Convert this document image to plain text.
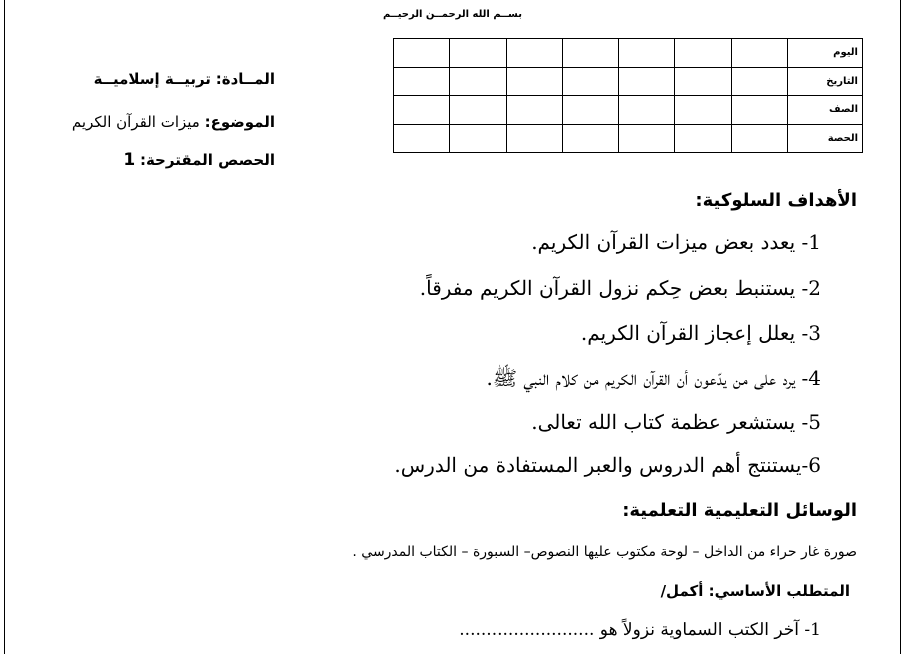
بســم الله الرحمــن الرحيــم
اليوم							
التاريخ							
الصف							
الحصة							
المــادة: تربيــة إسلاميــة
الموضوع: ميزات القرآن الكريم
الحصص المقترحة: 1
الأهداف السلوكية:
1- يعدد بعض ميزات القرآن الكريم.
2- يستنبط بعض حِكم نزول القرآن الكريم مفرقاً.
3- يعلل إعجاز القرآن الكريم.
4- يرد على من يدّعون أن القرآن الكريم من كلام النبي ﷺ.
5- يستشعر عظمة كتاب الله تعالى.
6-يستنتج أهم الدروس والعبر المستفادة من الدرس.
الوسائل التعليمية التعلمية:
صورة غار حراء من الداخل – لوحة مكتوب عليها النصوص– السبورة – الكتاب المدرسي .
المتطلب الأساسي: أكمل/
1- آخر الكتب السماوية نزولاً هو .........................
